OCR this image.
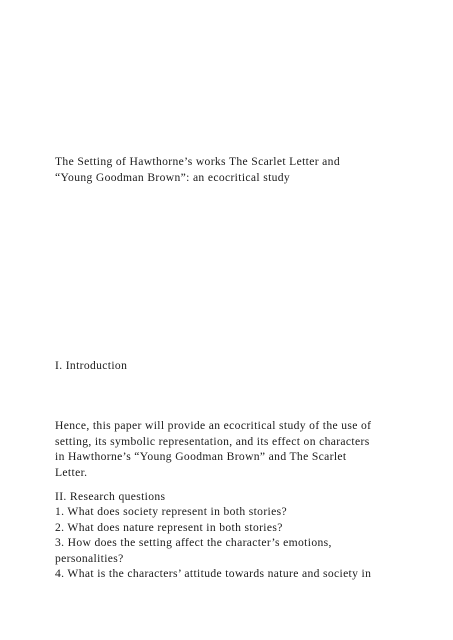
The Setting of Hawthorne’s works The Scarlet Letter and
“Young Goodman Brown”: an ecocritical study
I. Introduction
Hence, this paper will provide an ecocritical study of the use of
setting, its symbolic representation, and its effect on characters
in Hawthorne’s “Young Goodman Brown” and The Scarlet
Letter.
II. Research questions
1. What does society represent in both stories?
2. What does nature represent in both stories?
3. How does the setting affect the character’s emotions,
personalities?
4. What is the characters’ attitude towards nature and society in
